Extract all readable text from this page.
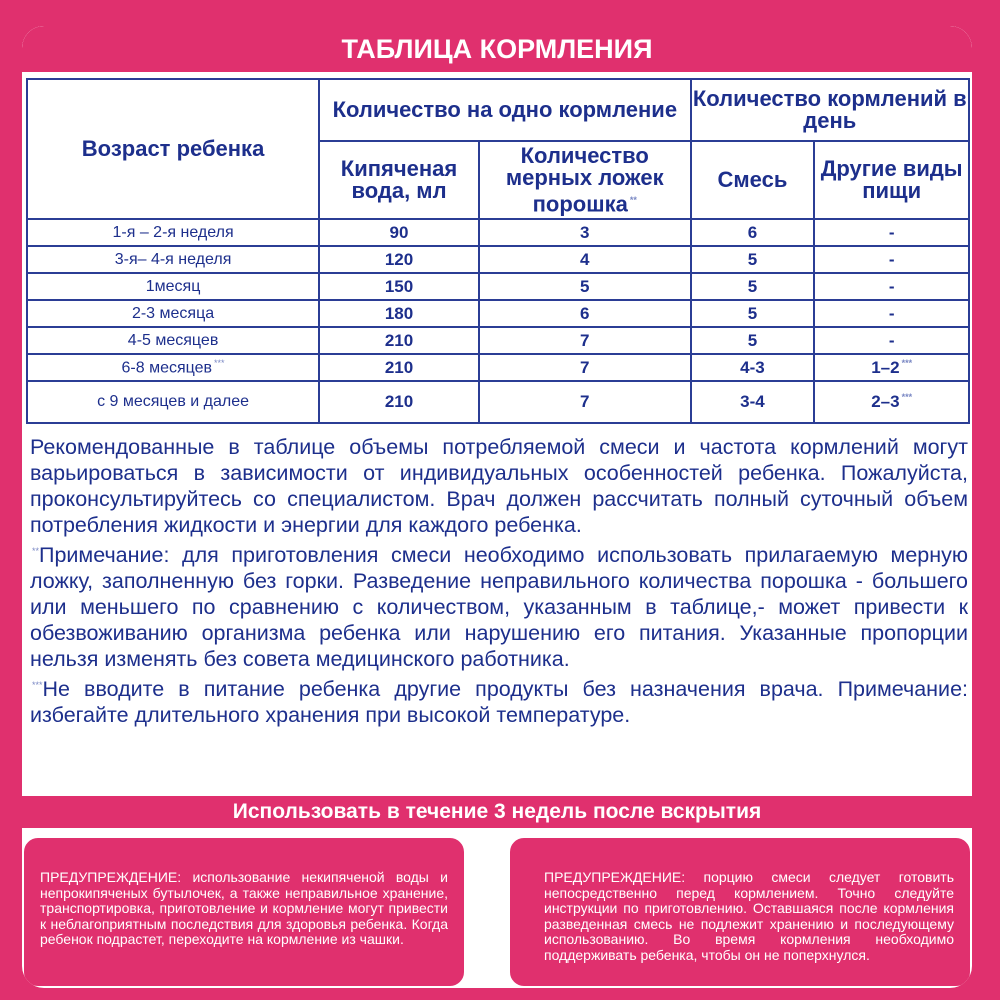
ТАБЛИЦА КОРМЛЕНИЯ
Возраст ребенка	Количество на одно кормление		Количество кормлений в день	
	Кипяченая вода, мл	Количество мерных ложек порошка **	Смесь	Другие виды пищи
1-я – 2-я неделя	90	3	6	-
3-я– 4-я неделя	120	4	5	-
1месяц	150	5	5	-
2-3 месяца	180	6	5	-
4-5 месяцев	210	7	5	-
6-8 месяцев ***	210	7	4-3	1–2 ***
с 9 месяцев и далее	210	7	3-4	2–3 ***

Рекомендованные в таблице объемы потребляемой смеси и частота кормлений могут варьироваться в зависимости от индивидуальных особенностей ребенка. Пожалуйста, проконсультируйтесь со специалистом. Врач должен рассчитать полный суточный объем потребления жидкости и энергии для каждого ребенка.

**Примечание: для приготовления смеси необходимо использовать прилагаемую мерную ложку, заполненную без горки. Разведение неправильного количества порошка - большего или меньшего по сравнению с количеством, указанным в таблице,- может привести к обезвоживанию организма ребенка или нарушению его питания. Указанные пропорции нельзя изменять без совета медицинского работника.

***Не вводите в питание ребенка другие продукты без назначения врача. Примечание: избегайте длительного хранения при высокой температуре.

Использовать в течение 3 недель после вскрытия
ПРЕДУПРЕЖДЕНИЕ: использование некипяченой воды и непрокипяченых бутылочек, а также неправильное хранение, транспортировка, приготовление и кормление могут привести к неблагоприятным последствия для здоровья ребенка. Когда ребенок подрастет, переходите на кормление из чашки.
ПРЕДУПРЕЖДЕНИЕ: порцию смеси следует готовить непосредственно перед кормлением. Точно следуйте инструкции по приготовлению. Оставшаяся после кормления разведенная смесь не подлежит хранению и последующему использованию. Во время кормления необходимо поддерживать ребенка, чтобы он не поперхнулся.
